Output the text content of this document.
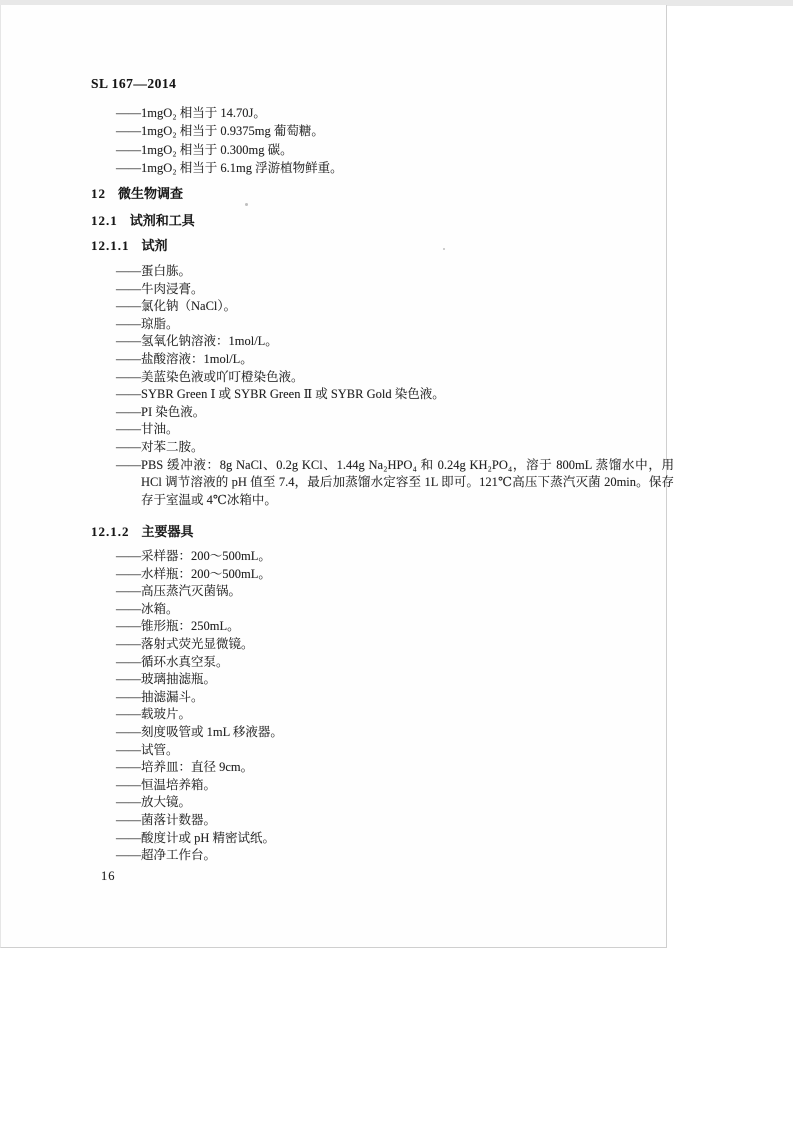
SL 167—2014
——1mgO₂ 相当于 14.70J。
——1mgO₂ 相当于 0.9375mg 葡萄糖。
——1mgO₂ 相当于 0.300mg 碳。
——1mgO₂ 相当于 6.1mg 浮游植物鲜重。
12 微生物调查
12.1 试剂和工具
12.1.1 试剂
——蛋白胨。
——牛肉浸膏。
——氯化钠（NaCl）。
——琼脂。
——氢氧化钠溶液：1mol/L。
——盐酸溶液：1mol/L。
——美蓝染色液或吖叮橙染色液。
——SYBR Green Ⅰ 或 SYBR Green Ⅱ 或 SYBR Gold 染色液。
——PI 染色液。
——甘油。
——对苯二胺。
——PBS 缓冲液：8g NaCl、0.2g KCl、1.44g Na₂HPO₄ 和 0.24g KH₂PO₄，溶于 800mL 蒸馏水中，用 HCl 调节溶液的 pH 值至 7.4，最后加蒸馏水定容至 1L 即可。121℃高压下蒸汽灭菌 20min。保存存于室温或 4℃冰箱中。
12.1.2 主要器具
——采样器：200～500mL。
——水样瓶：200～500mL。
——高压蒸汽灭菌锅。
——冰箱。
——锥形瓶：250mL。
——落射式荧光显微镜。
——循环水真空泵。
——玻璃抽滤瓶。
——抽滤漏斗。
——载玻片。
——刻度吸管或 1mL 移液器。
——试管。
——培养皿：直径 9cm。
——恒温培养箱。
——放大镜。
——菌落计数器。
——酸度计或 pH 精密试纸。
——超净工作台。
16
